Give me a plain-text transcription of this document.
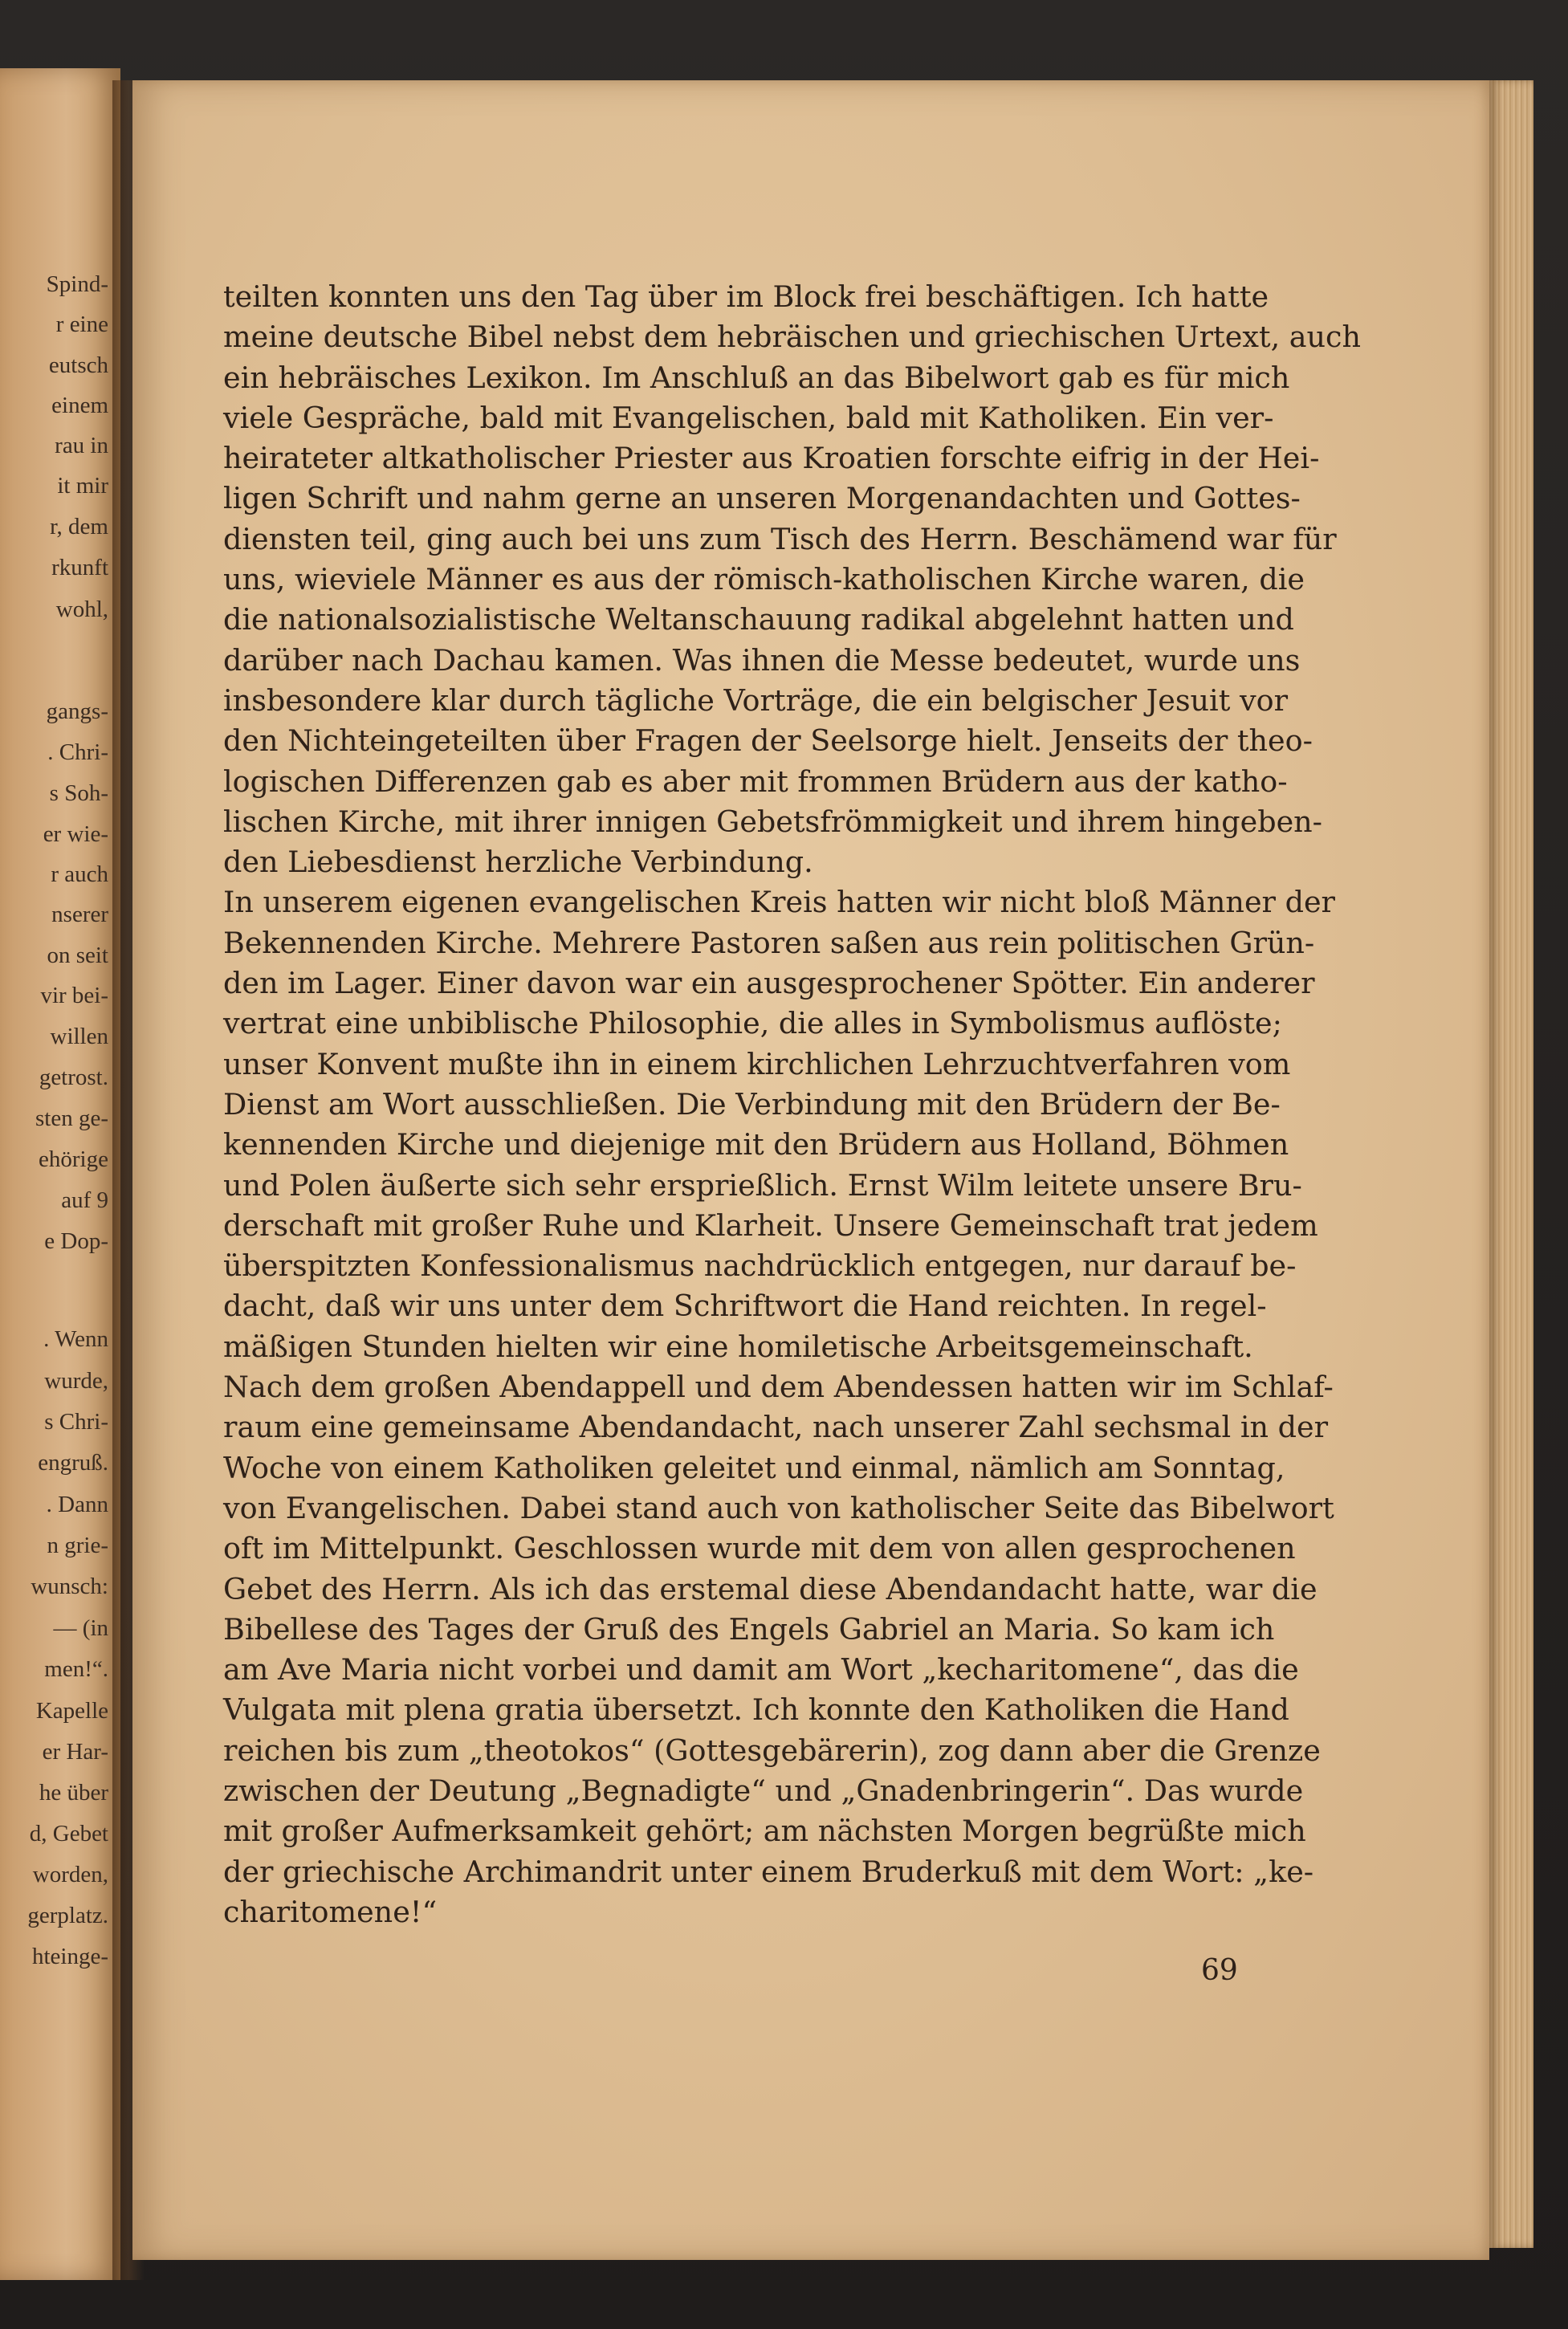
Spind-
r eine
eutsch
einem
rau in
it mir
r, dem
rkunft
wohl,
gangs-
. Chri-
s Soh-
er wie-
r auch
nserer
on seit
vir bei-
willen
getrost.
sten ge-
ehörige
auf 9
e Dop-
. Wenn
wurde,
s Chri-
engruß.
. Dann
n grie-
wunsch:
— (in
men!“.
Kapelle
er Har-
he über
d, Gebet
worden,
gerplatz.
hteinge-
teilten konnten uns den Tag über im Block frei beschäftigen. Ich hatte
meine deutsche Bibel nebst dem hebräischen und griechischen Urtext, auch
ein hebräisches Lexikon. Im Anschluß an das Bibelwort gab es für mich
viele Gespräche, bald mit Evangelischen, bald mit Katholiken. Ein ver-
heirateter altkatholischer Priester aus Kroatien forschte eifrig in der Hei-
ligen Schrift und nahm gerne an unseren Morgenandachten und Gottes-
diensten teil, ging auch bei uns zum Tisch des Herrn. Beschämend war für
uns, wieviele Männer es aus der römisch-katholischen Kirche waren, die
die nationalsozialistische Weltanschauung radikal abgelehnt hatten und
darüber nach Dachau kamen. Was ihnen die Messe bedeutet, wurde uns
insbesondere klar durch tägliche Vorträge, die ein belgischer Jesuit vor
den Nichteingeteilten über Fragen der Seelsorge hielt. Jenseits der theo-
logischen Differenzen gab es aber mit frommen Brüdern aus der katho-
lischen Kirche, mit ihrer innigen Gebetsfrömmigkeit und ihrem hingeben-
den Liebesdienst herzliche Verbindung.
In unserem eigenen evangelischen Kreis hatten wir nicht bloß Männer der
Bekennenden Kirche. Mehrere Pastoren saßen aus rein politischen Grün-
den im Lager. Einer davon war ein ausgesprochener Spötter. Ein anderer
vertrat eine unbiblische Philosophie, die alles in Symbolismus auflöste;
unser Konvent mußte ihn in einem kirchlichen Lehrzuchtverfahren vom
Dienst am Wort ausschließen. Die Verbindung mit den Brüdern der Be-
kennenden Kirche und diejenige mit den Brüdern aus Holland, Böhmen
und Polen äußerte sich sehr ersprießlich. Ernst Wilm leitete unsere Bru-
derschaft mit großer Ruhe und Klarheit. Unsere Gemeinschaft trat jedem
überspitzten Konfessionalismus nachdrücklich entgegen, nur darauf be-
dacht, daß wir uns unter dem Schriftwort die Hand reichten. In regel-
mäßigen Stunden hielten wir eine homiletische Arbeitsgemeinschaft.
Nach dem großen Abendappell und dem Abendessen hatten wir im Schlaf-
raum eine gemeinsame Abendandacht, nach unserer Zahl sechsmal in der
Woche von einem Katholiken geleitet und einmal, nämlich am Sonntag,
von Evangelischen. Dabei stand auch von katholischer Seite das Bibelwort
oft im Mittelpunkt. Geschlossen wurde mit dem von allen gesprochenen
Gebet des Herrn. Als ich das erstemal diese Abendandacht hatte, war die
Bibellese des Tages der Gruß des Engels Gabriel an Maria. So kam ich
am Ave Maria nicht vorbei und damit am Wort „kecharitomene“, das die
Vulgata mit plena gratia übersetzt. Ich konnte den Katholiken die Hand
reichen bis zum „theotokos“ (Gottesgebärerin), zog dann aber die Grenze
zwischen der Deutung „Begnadigte“ und „Gnadenbringerin“. Das wurde
mit großer Aufmerksamkeit gehört; am nächsten Morgen begrüßte mich
der griechische Archimandrit unter einem Bruderkuß mit dem Wort: „ke-
charitomene!“
69
